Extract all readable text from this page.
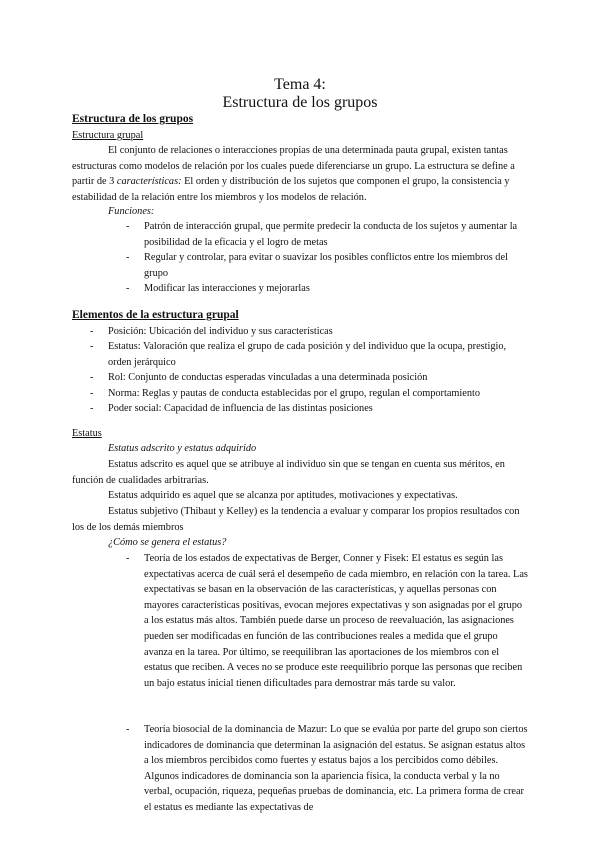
Tema 4:
Estructura de los grupos
Estructura de los grupos
Estructura grupal
El conjunto de relaciones o interacciones propias de una determinada pauta grupal, existen tantas estructuras como modelos de relación por los cuales puede diferenciarse un grupo. La estructura se define a partir de 3 características: El orden y distribución de los sujetos que componen el grupo, la consistencia y estabilidad de la relación entre los miembros y los modelos de relación.
Funciones:
- Patrón de interacción grupal, que permite predecir la conducta de los sujetos y aumentar la posibilidad de la eficacia y el logro de metas
- Regular y controlar, para evitar o suavizar los posibles conflictos entre los miembros del grupo
- Modificar las interacciones y mejorarlas
Elementos de la estructura grupal
- Posición: Ubicación del individuo y sus características
- Estatus: Valoración que realiza el grupo de cada posición y del individuo que la ocupa, prestigio, orden jerárquico
- Rol: Conjunto de conductas esperadas vinculadas a una determinada posición
- Norma: Reglas y pautas de conducta establecidas por el grupo, regulan el comportamiento
- Poder social: Capacidad de influencia de las distintas posiciones
Estatus
Estatus adscrito y estatus adquirido
Estatus adscrito es aquel que se atribuye al individuo sin que se tengan en cuenta sus méritos, en función de cualidades arbitrarias.
Estatus adquirido es aquel que se alcanza por aptitudes, motivaciones y expectativas.
Estatus subjetivo (Thibaut y Kelley) es la tendencia a evaluar y comparar los propios resultados con los de los demás miembros
¿Cómo se genera el estatus?
- Teoría de los estados de expectativas de Berger, Conner y Fisek: El estatus es según las expectativas acerca de cuál será el desempeño de cada miembro, en relación con la tarea. Las expectativas se basan en la observación de las características, y aquellas personas con mayores características positivas, evocan mejores expectativas y son asignadas por el grupo a los estatus más altos. También puede darse un proceso de reevaluación, las asignaciones pueden ser modificadas en función de las contribuciones reales a medida que el grupo avanza en la tarea. Por último, se reequilibran las aportaciones de los miembros con el estatus que reciben. A veces no se produce este reequilibrio porque las personas que reciben un bajo estatus inicial tienen dificultades para demostrar más tarde su valor.
- Teoría biosocial de la dominancia de Mazur: Lo que se evalúa por parte del grupo son ciertos indicadores de dominancia que determinan la asignación del estatus. Se asignan estatus altos a los miembros percibidos como fuertes y estatus bajos a los percibidos como débiles. Algunos indicadores de dominancia son la apariencia física, la conducta verbal y la no verbal, ocupación, riqueza, pequeñas pruebas de dominancia, etc. La primera forma de crear el estatus es mediante las expectativas de
